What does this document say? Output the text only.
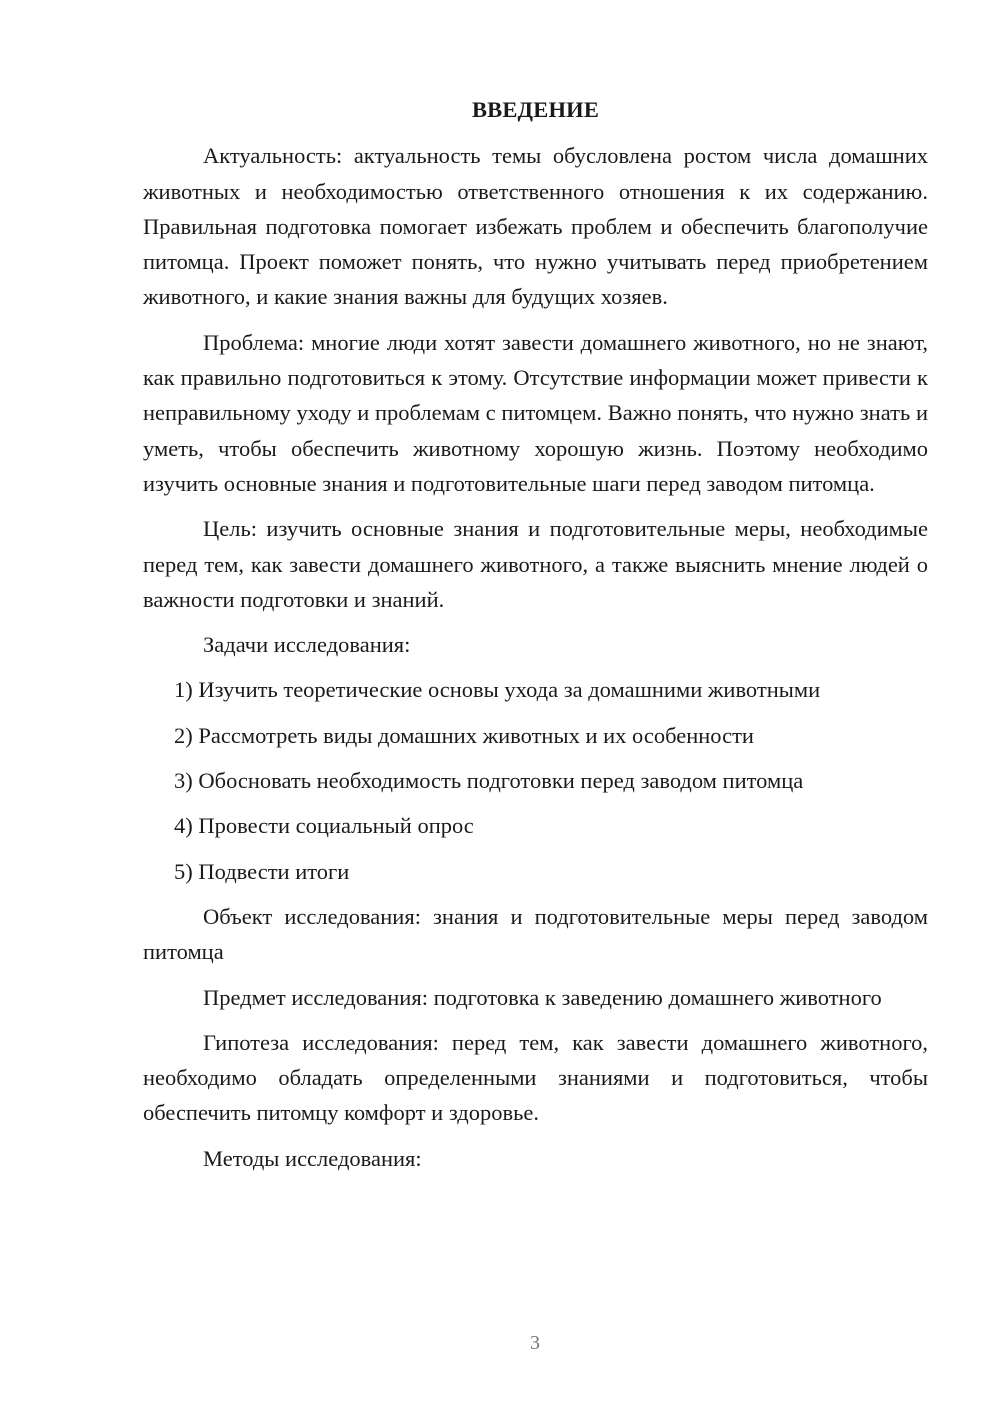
ВВЕДЕНИЕ

Актуальность: актуальность темы обусловлена ростом числа домашних животных и необходимостью ответственного отношения к их содержанию. Правильная подготовка помогает избежать проблем и обеспечить благополучие питомца. Проект поможет понять, что нужно учитывать перед приобретением животного, и какие знания важны для будущих хозяев.

Проблема: многие люди хотят завести домашнего животного, но не знают, как правильно подготовиться к этому. Отсутствие информации может привести к неправильному уходу и проблемам с питомцем. Важно понять, что нужно знать и уметь, чтобы обеспечить животному хорошую жизнь. Поэтому необходимо изучить основные знания и подготовительные шаги перед заводом питомца.

Цель: изучить основные знания и подготовительные меры, необходимые перед тем, как завести домашнего животного, а также выяснить мнение людей о важности подготовки и знаний.

Задачи исследования:
1) Изучить теоретические основы ухода за домашними животными
2) Рассмотреть виды домашних животных и их особенности
3) Обосновать необходимость подготовки перед заводом питомца
4) Провести социальный опрос
5) Подвести итоги

Объект исследования: знания и подготовительные меры перед заводом питомца

Предмет исследования: подготовка к заведению домашнего животного

Гипотеза исследования: перед тем, как завести домашнего животного, необходимо обладать определенными знаниями и подготовиться, чтобы обеспечить питомцу комфорт и здоровье.

Методы исследования:
3
